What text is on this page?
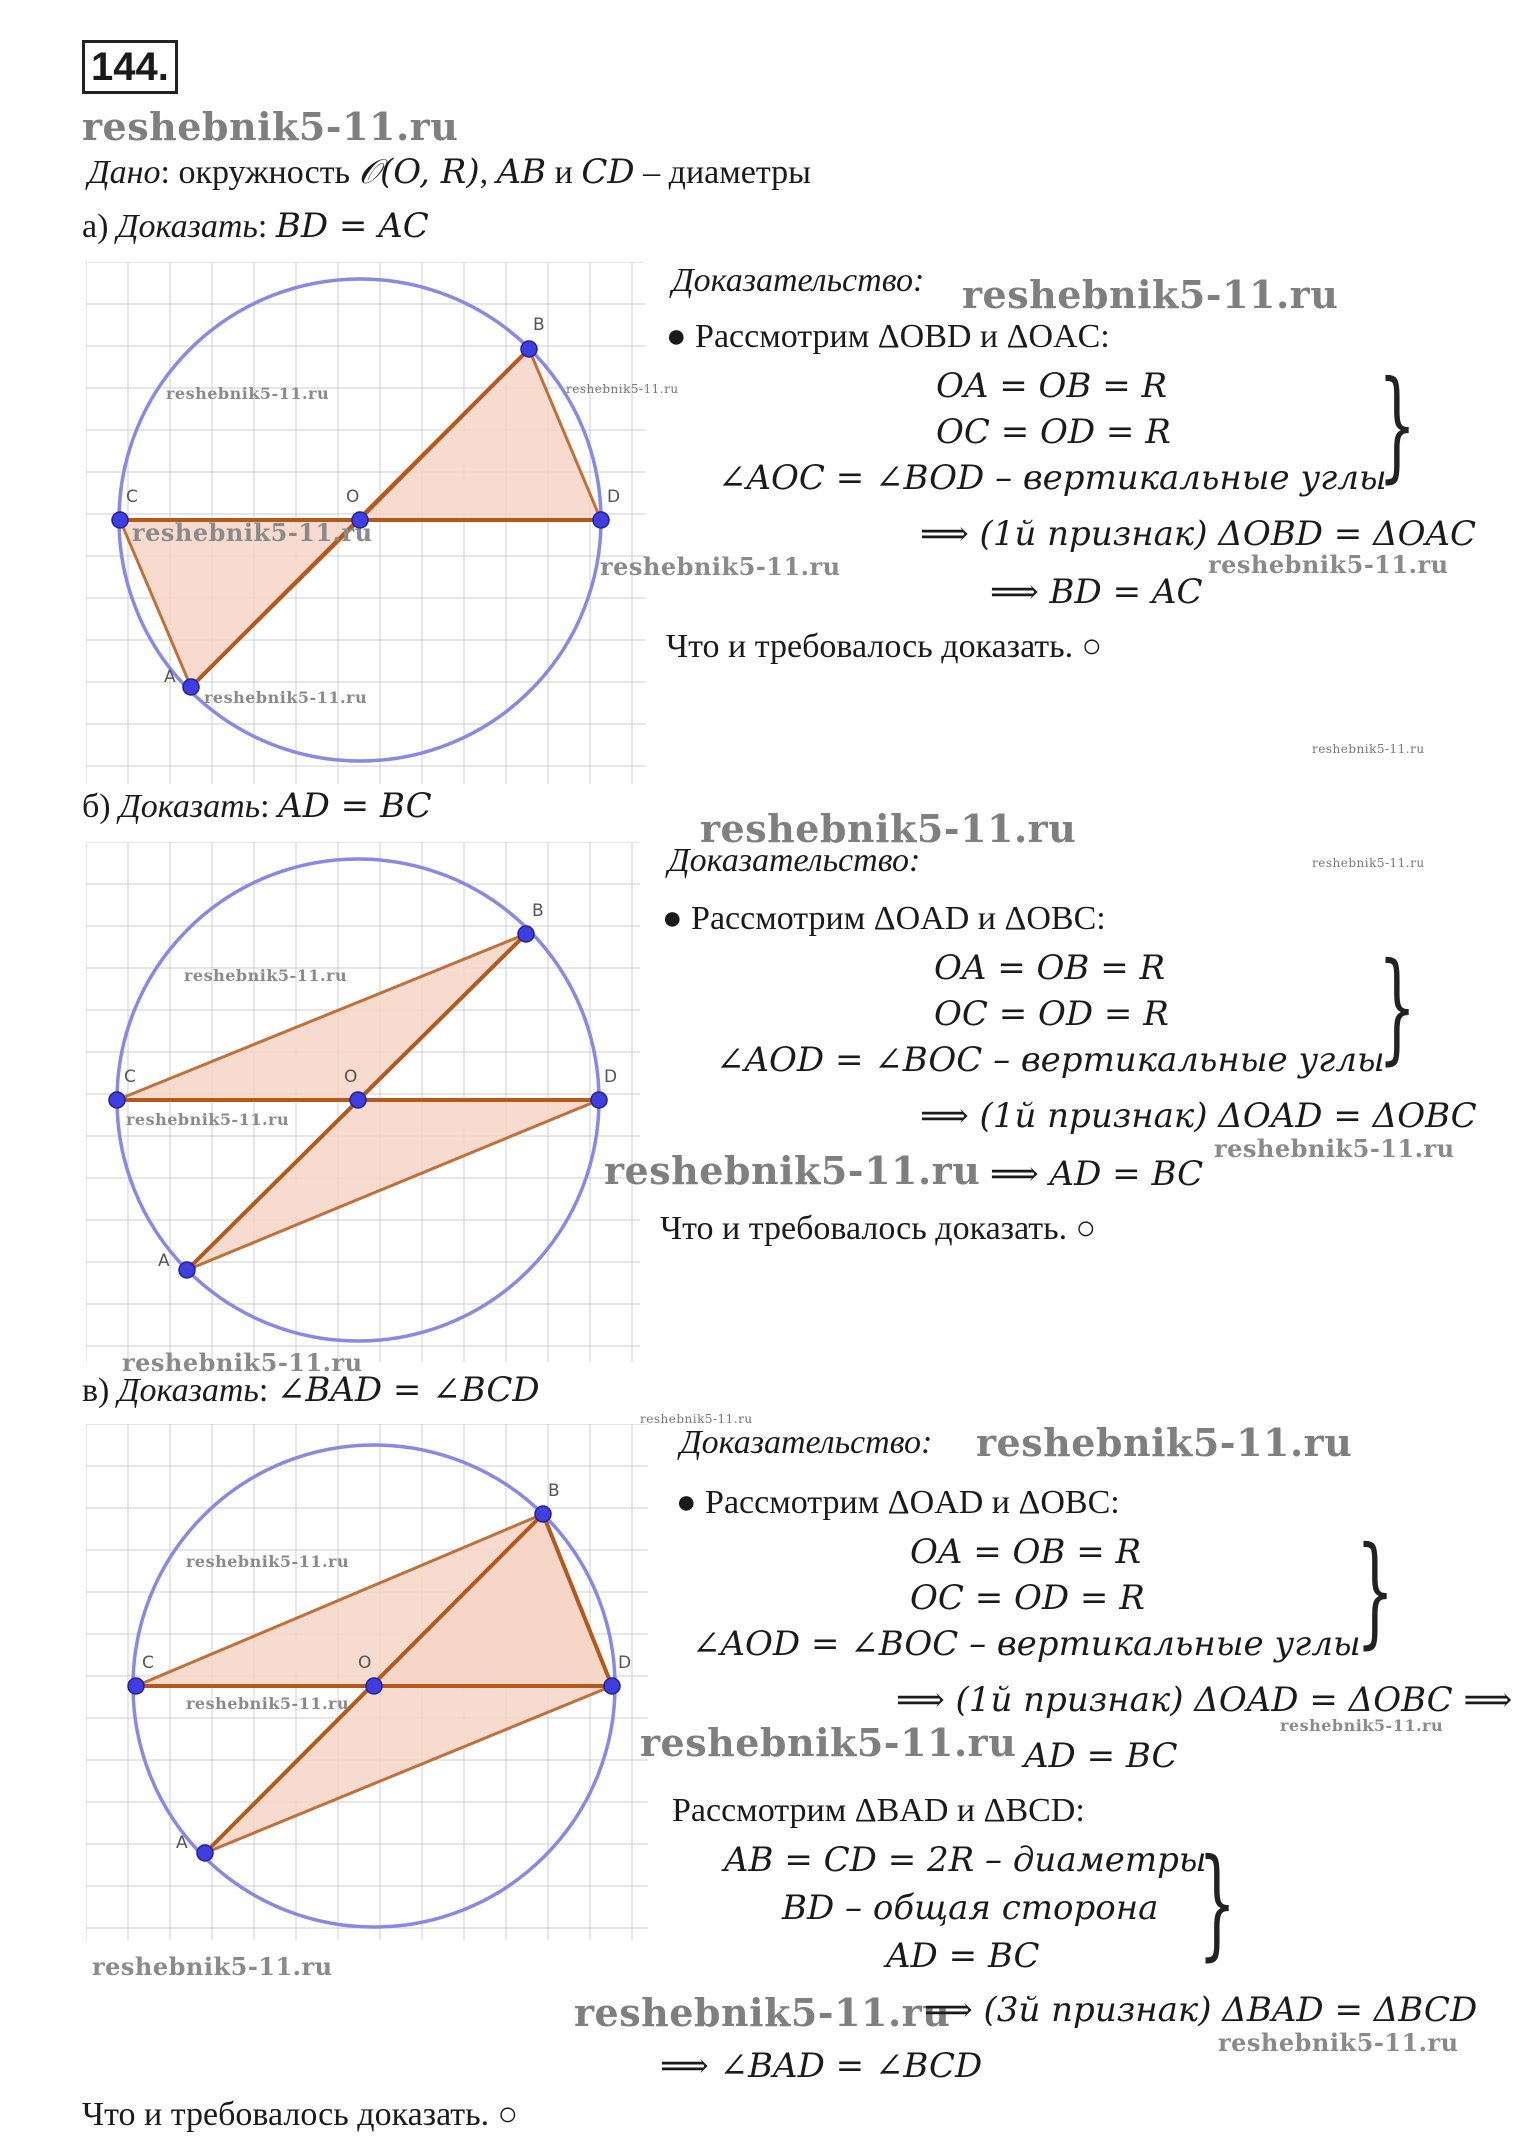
144.
reshebnik5-11.ru
Дано: окружность 𝒪(O, R), AB и CD – диаметры
а) Доказать: BD = AC
B
D
O
C
A
reshebnik5-11.ru	reshebnik5-11.ru
reshebnik5-11.ru
reshebnik5-11.ru
reshebnik5-11.ru
reshebnik5-11.ru
Доказательство: reshebnik5-11.ru
● Рассмотрим ΔOBD и ΔOAC:
OA = OB = R
OC = OD = R
∠AOC = ∠BOD – вертикальные углы
}
⟹ (1й признак) ΔOBD = ΔOAC
reshebnik5-11.ru
⟹ BD = AC
Что и требовалось доказать. ○
б) Доказать: AD = BC	reshebnik5-11.ru
reshebnik5-11.ru
B
D
O
C
A
reshebnik5-11.ru
reshebnik5-11.ru
reshebnik5-11.ru
reshebnik5-11.ru
Доказательство:
● Рассмотрим ΔOAD и ΔOBC:
OA = OB = R
OC = OD = R
∠AOD = ∠BOC – вертикальные углы
}
⟹ (1й признак) ΔOAD = ΔOBC
reshebnik5-11.ru
⟹ AD = BC
Что и требовалось доказать. ○
в) Доказать: ∠BAD = ∠BCD
reshebnik5-11.ru
B
D
O
C
A
reshebnik5-11.ru
reshebnik5-11.ru
reshebnik5-11.ru
Доказательство: reshebnik5-11.ru
● Рассмотрим ΔOAD и ΔOBC:
OA = OB = R
OC = OD = R
∠AOD = ∠BOC – вертикальные углы
}
⟹ (1й признак) ΔOAD = ΔOBC ⟹
reshebnik5-11.ru
reshebnik5-11.ru AD = BC
Рассмотрим ΔBAD и ΔBCD:
AB = CD = 2R – диаметры
BD – общая сторона
AD = BC	}
reshebnik5-11.ru
⟹ (3й признак) ΔBAD = ΔBCD
reshebnik5-11.ru
⟹ ∠BAD = ∠BCD
Что и требовалось доказать. ○
